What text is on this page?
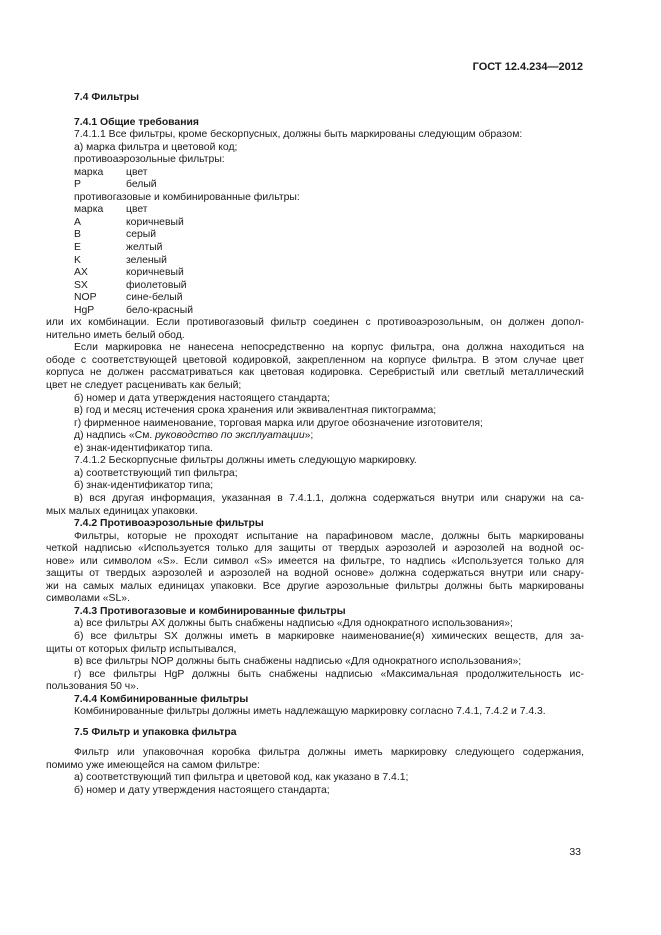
ГОСТ 12.4.234—2012
7.4 Фильтры
7.4.1 Общие требования
7.4.1.1 Все фильтры, кроме бескорпусных, должны быть маркированы следующим образом:
а) марка фильтра и цветовой код;
противоаэрозольные фильтры:
марка цвет
P	белый
противогазовые и комбинированные фильтры:
марка цвет
A	коричневый
B	серый
E	желтый
K	зеленый
AX	коричневый
SX	фиолетовый
NOP	сине-белый
HgP	бело-красный
или их комбинации. Если противогазовый фильтр соединен с противоаэрозольным, он должен допол-
нительно иметь белый обод.
Если маркировка не нанесена непосредственно на корпус фильтра, она должна находиться на
ободе с соответствующей цветовой кодировкой, закрепленном на корпусе фильтра. В этом случае цвет
корпуса не должен рассматриваться как цветовая кодировка. Серебристый или светлый металлический
цвет не следует расценивать как белый;
б) номер и дата утверждения настоящего стандарта;
в) год и месяц истечения срока хранения или эквивалентная пиктограмма;
г) фирменное наименование, торговая марка или другое обозначение изготовителя;
д) надпись «См. руководство по эксплуатации»;
е) знак-идентификатор типа.
7.4.1.2 Бескорпусные фильтры должны иметь следующую маркировку.
а) соответствующий тип фильтра;
б) знак-идентификатор типа;
в) вся другая информация, указанная в 7.4.1.1, должна содержаться внутри или снаружи на са-
мых малых единицах упаковки.
7.4.2 Противоаэрозольные фильтры
Фильтры, которые не проходят испытание на парафиновом масле, должны быть маркированы
четкой надписью «Используется только для защиты от твердых аэрозолей и аэрозолей на водной ос-
нове» или символом «S». Если символ «S» имеется на фильтре, то надпись «Используется только для
защиты от твердых аэрозолей и аэрозолей на водной основе» должна содержаться внутри или снару-
жи на самых малых единицах упаковки. Все другие аэрозольные фильтры должны быть маркированы
символами «SL».
7.4.3 Противогазовые и комбинированные фильтры
а) все фильтры AX должны быть снабжены надписью «Для однократного использования»;
б) все фильтры SX должны иметь в маркировке наименование(я) химических веществ, для за-
щиты от которых фильтр испытывался,
в) все фильтры NOP должны быть снабжены надписью «Для однократного использования»;
г) все фильтры HgP должны быть снабжены надписью «Максимальная продолжительность ис-
пользования 50 ч».
7.4.4 Комбинированные фильтры
Комбинированные фильтры должны иметь надлежащую маркировку согласно 7.4.1, 7.4.2 и 7.4.3.
7.5 Фильтр и упаковка фильтра
Фильтр или упаковочная коробка фильтра должны иметь маркировку следующего содержания,
помимо уже имеющейся на самом фильтре:
а) соответствующий тип фильтра и цветовой код, как указано в 7.4.1;
б) номер и дату утверждения настоящего стандарта;
33
